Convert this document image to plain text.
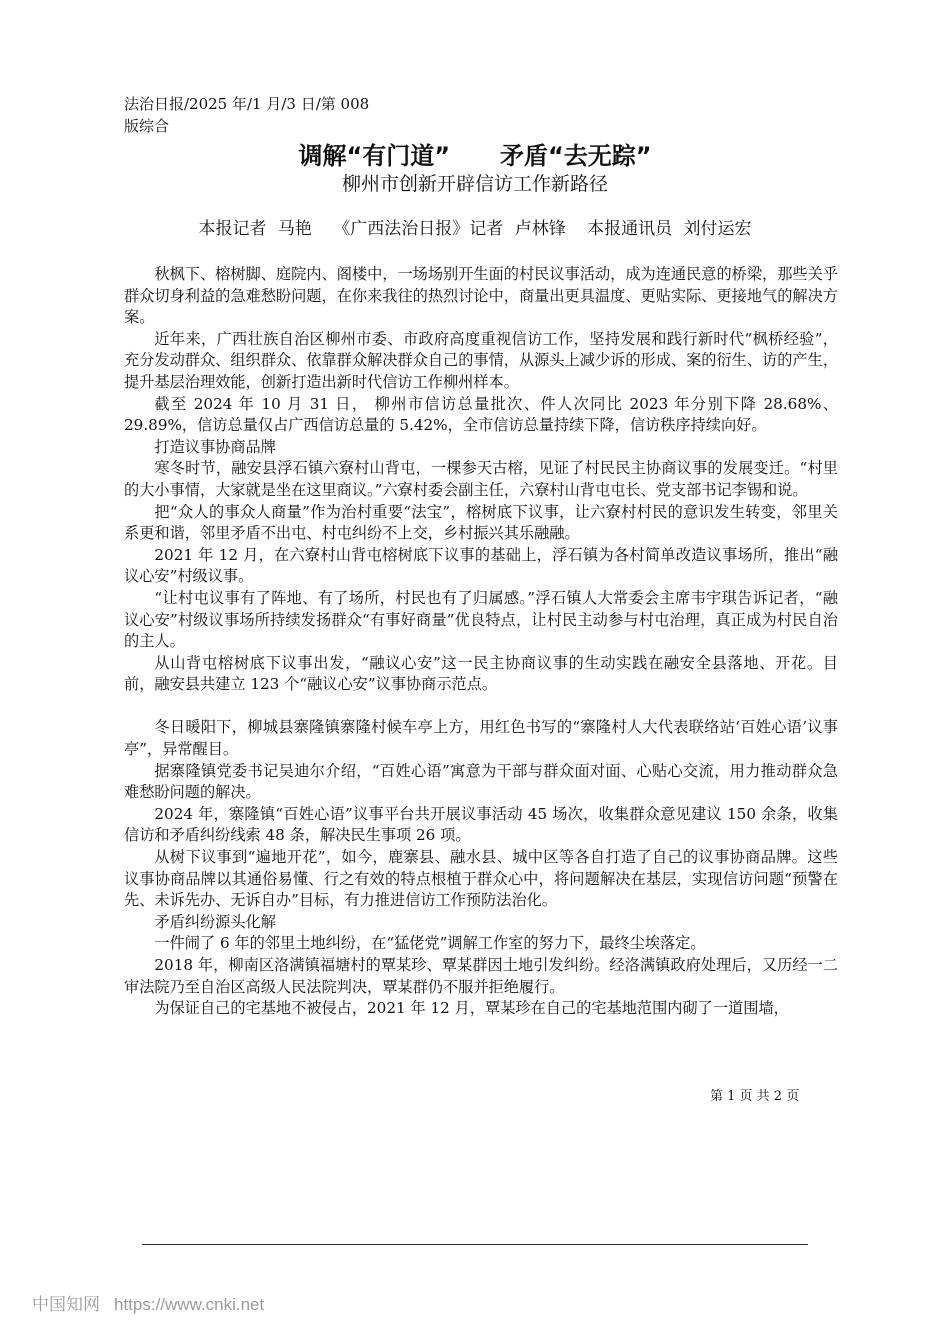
法治日报/2025 年/1 月/3 日/第 008
版综合
调解“有门道” 矛盾“去无踪”
柳州市创新开辟信访工作新路径
本报记者 马艳 《广西法治日报》记者 卢林锋 本报通讯员 刘付运宏

秋枫下、榕树脚、庭院内、阁楼中，一场场别开生面的村民议事活动，成为连通民意的桥梁，那些关乎群众切身利益的急难愁盼问题，在你来我往的热烈讨论中，商量出更具温度、更贴实际、更接地气的解决方案。

近年来，广西壮族自治区柳州市委、市政府高度重视信访工作，坚持发展和践行新时代“枫桥经验”，充分发动群众、组织群众、依靠群众解决群众自己的事情，从源头上减少诉的形成、案的衍生、访的产生，提升基层治理效能，创新打造出新时代信访工作柳州样本。

截至 2024 年 10 月 31 日， 柳州市信访总量批次、件人次同比 2023 年分别下降 28.68%、29.89%，信访总量仅占广西信访总量的 5.42%，全市信访总量持续下降，信访秩序持续向好。

打造议事协商品牌

寒冬时节，融安县浮石镇六寮村山背屯，一棵参天古榕，见证了村民民主协商议事的发展变迁。“村里的大小事情，大家就是坐在这里商议。”六寮村委会副主任，六寮村山背屯屯长、党支部书记李锡和说。

把“众人的事众人商量”作为治村重要“法宝”，榕树底下议事，让六寮村村民的意识发生转变，邻里关系更和谐，邻里矛盾不出屯、村屯纠纷不上交，乡村振兴其乐融融。

2021 年 12 月，在六寮村山背屯榕树底下议事的基础上，浮石镇为各村简单改造议事场所，推出“融议心安”村级议事。

“让村屯议事有了阵地、有了场所，村民也有了归属感。”浮石镇人大常委会主席韦宇琪告诉记者，“融议心安”村级议事场所持续发扬群众“有事好商量”优良特点，让村民主动参与村屯治理，真正成为村民自治的主人。

从山背屯榕树底下议事出发，“融议心安”这一民主协商议事的生动实践在融安全县落地、开花。目前，融安县共建立 123 个“融议心安”议事协商示范点。

冬日暖阳下，柳城县寨隆镇寨隆村候车亭上方，用红色书写的“寨隆村人大代表联络站‘百姓心语’议事亭”，异常醒目。

据寨隆镇党委书记吴迪尔介绍，“百姓心语”寓意为干部与群众面对面、心贴心交流，用力推动群众急难愁盼问题的解决。

2024 年，寨隆镇“百姓心语”议事平台共开展议事活动 45 场次，收集群众意见建议 150 余条，收集信访和矛盾纠纷线索 48 条，解决民生事项 26 项。

从树下议事到“遍地开花”，如今，鹿寨县、融水县、城中区等各自打造了自己的议事协商品牌。这些议事协商品牌以其通俗易懂、行之有效的特点根植于群众心中，将问题解决在基层，实现信访问题“预警在先、未诉先办、无诉自办”目标，有力推进信访工作预防法治化。

矛盾纠纷源头化解

一件闹了 6 年的邻里土地纠纷，在“猛佬党”调解工作室的努力下，最终尘埃落定。

2018 年，柳南区洛满镇福塘村的覃某珍、覃某群因土地引发纠纷。经洛满镇政府处理后，又历经一二审法院乃至自治区高级人民法院判决，覃某群仍不服并拒绝履行。

为保证自己的宅基地不被侵占，2021 年 12 月，覃某珍在自己的宅基地范围内砌了一道围墙，

第 1 页 共 2 页
中国知网 https://www.cnki.net
